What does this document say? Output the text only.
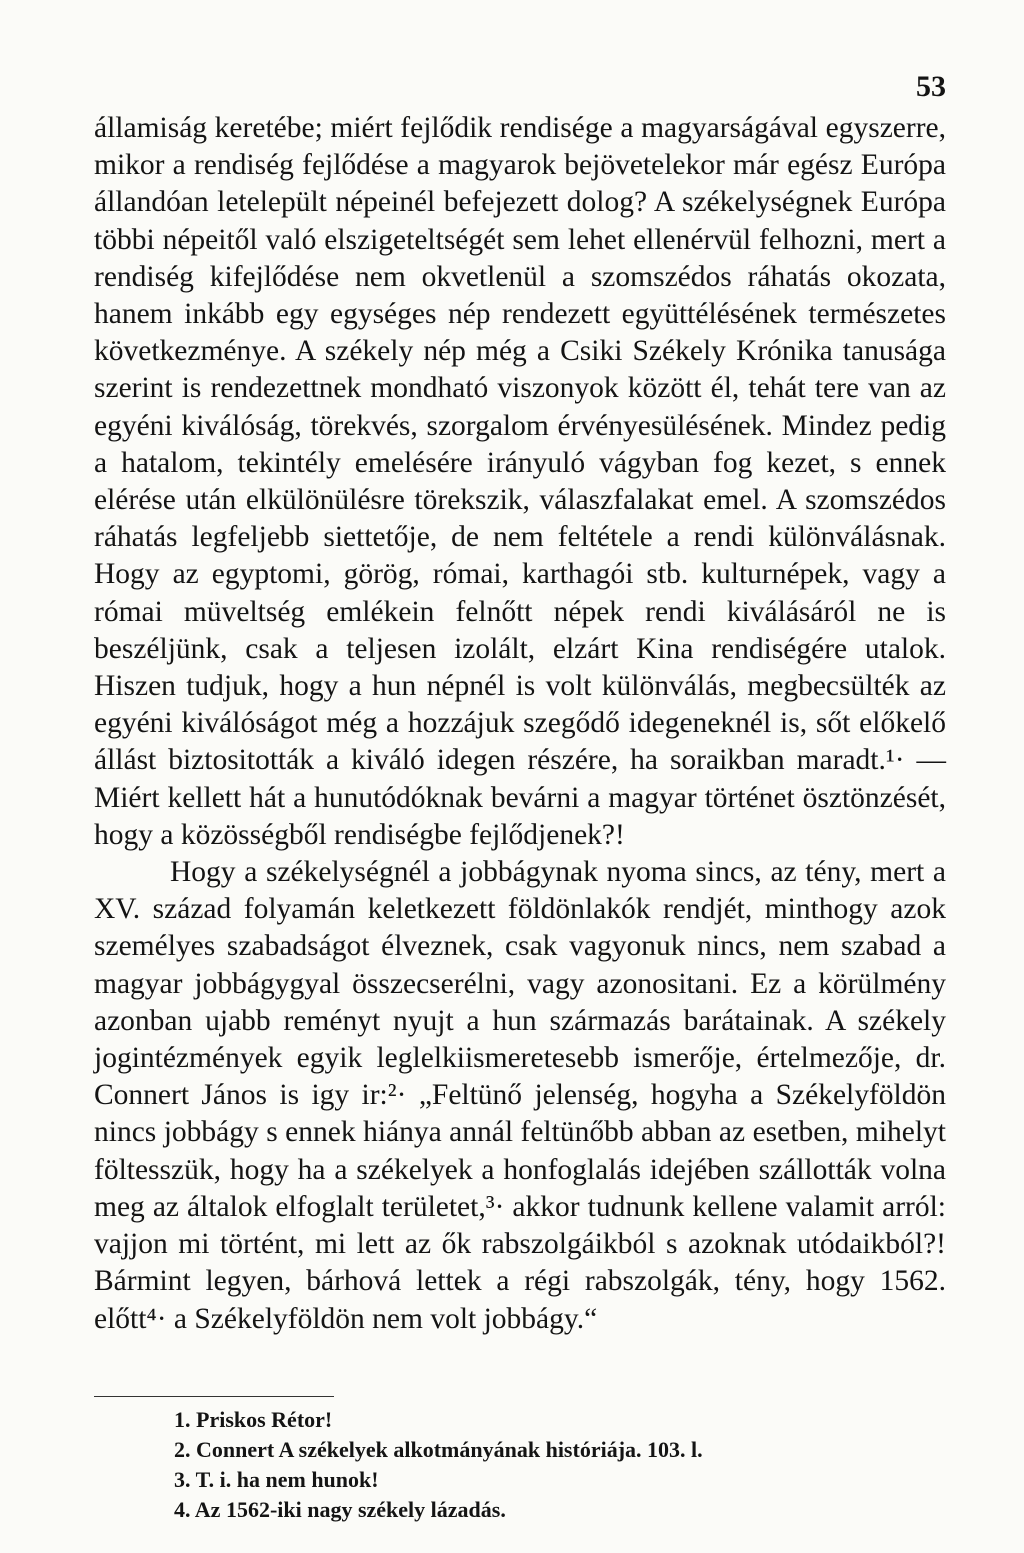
53

államiság keretébe; miért fejlődik rendisége a magyarságával egyszerre, mikor a rendiség fejlődése a magyarok bejövetelekor már egész Európa állandóan letelepült népeinél befejezett dolog? A székelységnek Európa többi népeitől való elszigeteltségét sem lehet ellenérvül felhozni, mert a rendiség kifejlődése nem okvetlenül a szomszédos ráhatás okozata, hanem inkább egy egységes nép rendezett együttélésének természetes következménye. A székely nép még a Csiki Székely Krónika tanusága szerint is rendezettnek mondható viszonyok között él, tehát tere van az egyéni kiválóság, törekvés, szorgalom érvényesülésének. Mindez pedig a hatalom, tekintély emelésére irányuló vágyban fog kezet, s ennek elérése után elkülönülésre törekszik, válaszfalakat emel. A szomszédos ráhatás legfeljebb siettetője, de nem feltétele a rendi különválásnak. Hogy az egyptomi, görög, római, karthagói stb. kulturnépek, vagy a római müveltség emlékein felnőtt népek rendi kiválásáról ne is beszéljünk, csak a teljesen izolált, elzárt Kina rendiségére utalok. Hiszen tudjuk, hogy a hun népnél is volt különválás, megbecsülték az egyéni kiválóságot még a hozzájuk szegődő idegeneknél is, sőt előkelő állást biztositották a kiváló idegen részére, ha soraikban maradt.¹· — Miért kellett hát a hunutódóknak bevárni a magyar történet ösztönzését, hogy a közösségből rendiségbe fejlődjenek?!

Hogy a székelységnél a jobbágynak nyoma sincs, az tény, mert a XV. század folyamán keletkezett földönlakók rendjét, minthogy azok személyes szabadságot élveznek, csak vagyonuk nincs, nem szabad a magyar jobbágygyal összecserélni, vagy azonositani. Ez a körülmény azonban ujabb reményt nyujt a hun származás barátainak. A székely jogintézmények egyik leglelkiismeretesebb ismerője, értelmezője, dr. Connert János is igy ir:²· „Feltünő jelenség, hogyha a Székelyföldön nincs jobbágy s ennek hiánya annál feltünőbb abban az esetben, mihelyt föltesszük, hogy ha a székelyek a honfoglalás idejében szállották volna meg az általok elfoglalt területet,³· akkor tudnunk kellene valamit arról: vajjon mi történt, mi lett az ők rabszolgáikból s azoknak utódaikból?! Bármint legyen, bárhová lettek a régi rabszolgák, tény, hogy 1562. előtt⁴· a Székelyföldön nem volt jobbágy.“

1. Priskos Rétor!

2. Connert A székelyek alkotmányának históriája. 103. l.

3. T. i. ha nem hunok!

4. Az 1562-iki nagy székely lázadás.
